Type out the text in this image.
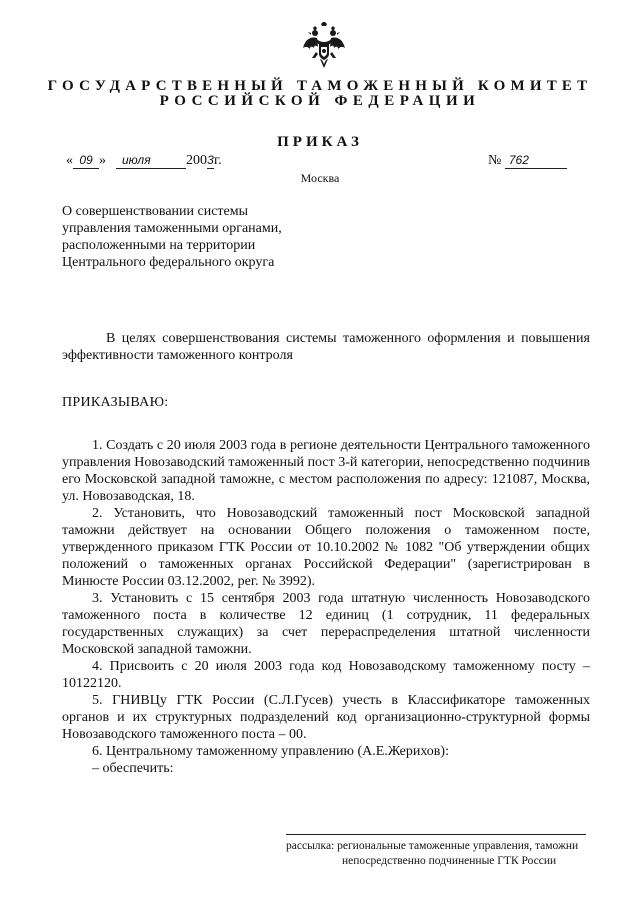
ГОСУДАРСТВЕННЫЙ ТАМОЖЕННЫЙ КОМИТЕТ
РОССИЙСКОЙ ФЕДЕРАЦИИ
ПРИКАЗ
« 09 » июля	2003г.	№ 762
Москва
О совершенствовании системы
управления таможенными органами,
расположенными на территории
Центрального федерального округа
В целях совершенствования системы таможенного оформления и повышения эффективности таможенного контроля
ПРИКАЗЫВАЮ:

1. Создать с 20 июля 2003 года в регионе деятельности Центрального таможенного управления Новозаводский таможенный пост 3-й категории, непосредственно подчинив его Московской западной таможне, с местом расположения по адресу: 121087, Москва, ул. Новозаводская, 18.

2. Установить, что Новозаводский таможенный пост Московской западной таможни действует на основании Общего положения о таможенном посте, утвержденного приказом ГТК России от 10.10.2002 № 1082 "Об утверждении общих положений о таможенных органах Российской Федерации" (зарегистрирован в Минюсте России 03.12.2002, рег. № 3992).

3. Установить с 15 сентября 2003 года штатную численность Новозаводского таможенного поста в количестве 12 единиц (1 сотрудник, 11 федеральных государственных служащих) за счет перераспределения штатной численности Московской западной таможни.

4. Присвоить с 20 июля 2003 года код Новозаводскому таможенному посту – 10122120.

5. ГНИВЦу ГТК России (С.Л.Гусев) учесть в Классификаторе таможенных органов и их структурных подразделений код организационно-структурной формы Новозаводского таможенного поста – 00.

6. Центральному таможенному управлению (А.Е.Жерихов):

– обеспечить:

рассылка: региональные таможенные управления, таможни
непосредственно подчиненные ГТК России
